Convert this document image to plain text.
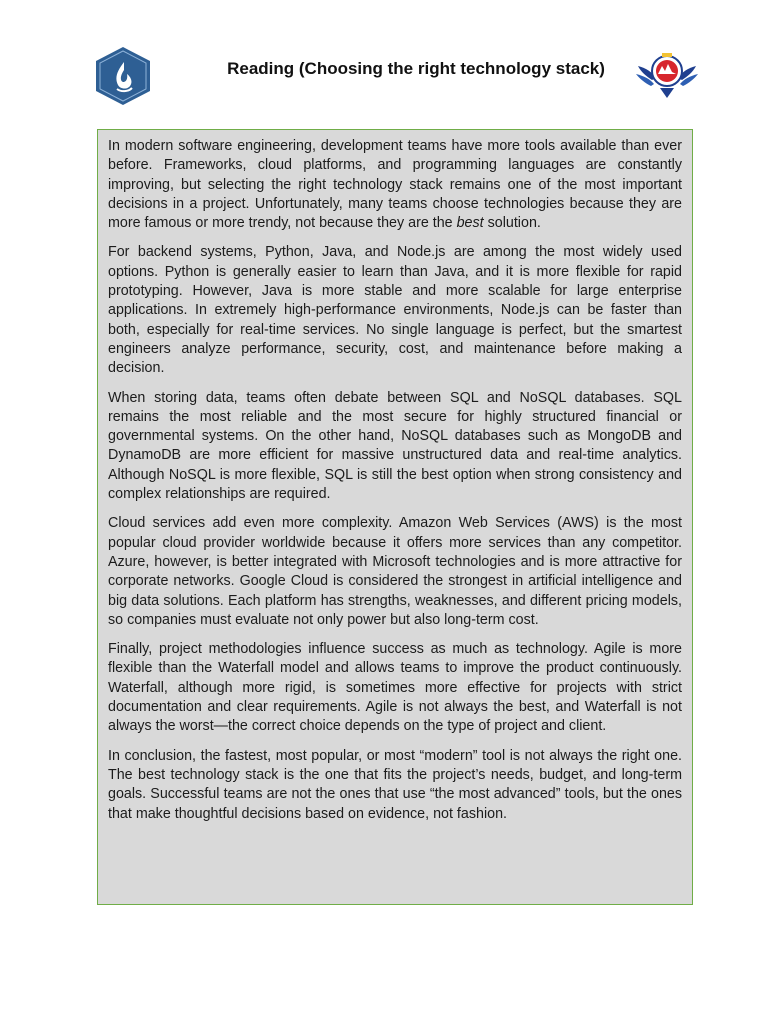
Reading (Choosing the right technology stack)

In modern software engineering, development teams have more tools available than ever before. Frameworks, cloud platforms, and programming languages are constantly improving, but selecting the right technology stack remains one of the most important decisions in a project. Unfortunately, many teams choose technologies because they are more famous or more trendy, not because they are the best solution.

For backend systems, Python, Java, and Node.js are among the most widely used options. Python is generally easier to learn than Java, and it is more flexible for rapid prototyping. However, Java is more stable and more scalable for large enterprise applications. In extremely high-performance environments, Node.js can be faster than both, especially for real-time services. No single language is perfect, but the smartest engineers analyze performance, security, cost, and maintenance before making a decision.

When storing data, teams often debate between SQL and NoSQL databases. SQL remains the most reliable and the most secure for highly structured financial or governmental systems. On the other hand, NoSQL databases such as MongoDB and DynamoDB are more efficient for massive unstructured data and real-time analytics. Although NoSQL is more flexible, SQL is still the best option when strong consistency and complex relationships are required.

Cloud services add even more complexity. Amazon Web Services (AWS) is the most popular cloud provider worldwide because it offers more services than any competitor. Azure, however, is better integrated with Microsoft technologies and is more attractive for corporate networks. Google Cloud is considered the strongest in artificial intelligence and big data solutions. Each platform has strengths, weaknesses, and different pricing models, so companies must evaluate not only power but also long-term cost.

Finally, project methodologies influence success as much as technology. Agile is more flexible than the Waterfall model and allows teams to improve the product continuously. Waterfall, although more rigid, is sometimes more effective for projects with strict documentation and clear requirements. Agile is not always the best, and Waterfall is not always the worst—the correct choice depends on the type of project and client.

In conclusion, the fastest, most popular, or most “modern” tool is not always the right one. The best technology stack is the one that fits the project’s needs, budget, and long-term goals. Successful teams are not the ones that use “the most advanced” tools, but the ones that make thoughtful decisions based on evidence, not fashion.
